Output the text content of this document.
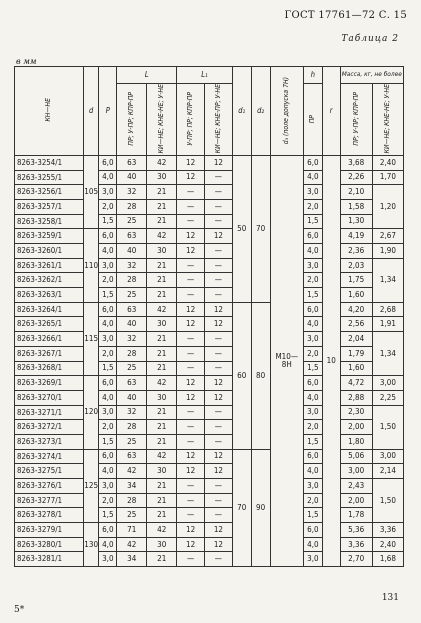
ГОСТ 17761—72 С. 15
Таблица 2
в мм
КН—НЕ	d	P	L		L₁		d₁	d₂	d₃ (поле допуска 7Н)	h	r	Масса, кг, не более	
			ПР; У-ПР; КПР-ПР	КИ—НЕ; КНЕ-НЕ; У-НЕ	У-ПР; ПР; КПР-ПР	КИ—НЕ; КНЕ-ПР; У-НЕ				ПР		ПР; У-ПР; КПР-ПР	КИ—НЕ; КНЕ-НЕ; У-НЕ
8263-3254/1	105	6,0	63	42	12	12	50	70	M10—8H	6,0	10	3,68	2,40
8263-3255/1		4,0	40	30	12	—				4,0		2,26	1,70
8263-3256/1		3,0	32	21	—	—				3,0		2,10	1,20
8263-3257/1		2,0	28	21	—	—				2,0		1,58	
8263-3258/1		1,5	25	21	—	—				1,5		1,30	
8263-3259/1	110	6,0	63	42	12	12				6,0		4,19	2,67
8263-3260/1		4,0	40	30	12	—				4,0		2,36	1,90
8263-3261/1		3,0	32	21	—	—				3,0		2,03	1,34
8263-3262/1		2,0	28	21	—	—				2,0		1,75	
8263-3263/1		1,5	25	21	—	—				1,5		1,60	
8263-3264/1	115	6,0	63	42	12	12	60	80		6,0		4,20	2,68
8263-3265/1		4,0	40	30	12	12				4,0		2,56	1,91
8263-3266/1		3,0	32	21	—	—				3,0		2,04	1,34
8263-3267/1		2,0	28	21	—	—				2,0		1,79	
8263-3268/1		1,5	25	21	—	—				1,5		1,60	
8263-3269/1	120	6,0	63	42	12	12				6,0		4,72	3,00
8263-3270/1		4,0	40	30	12	12				4,0		2,88	2,25
8263-3271/1		3,0	32	21	—	—				3,0		2,30	1,50
8263-3272/1		2,0	28	21	—	—				2,0		2,00	
8263-3273/1		1,5	25	21	—	—				1,5		1,80	
8263-3274/1	125	6,0	63	42	12	12	70	90		6,0		5,06	3,00
8263-3275/1		4,0	42	30	12	12				4,0		3,00	2,14
8263-3276/1		3,0	34	21	—	—				3,0		2,43	1,50
8263-3277/1		2,0	28	21	—	—				2,0		2,00	
8263-3278/1		1,5	25	21	—	—				1,5		1,78	
8263-3279/1	130	6,0	71	42	12	12				6,0		5,36	3,36
8263-3280/1		4,0	42	30	12	12				4,0		3,36	2,40
8263-3281/1		3,0	34	21	—	—				3,0		2,70	1,68
5*
131
